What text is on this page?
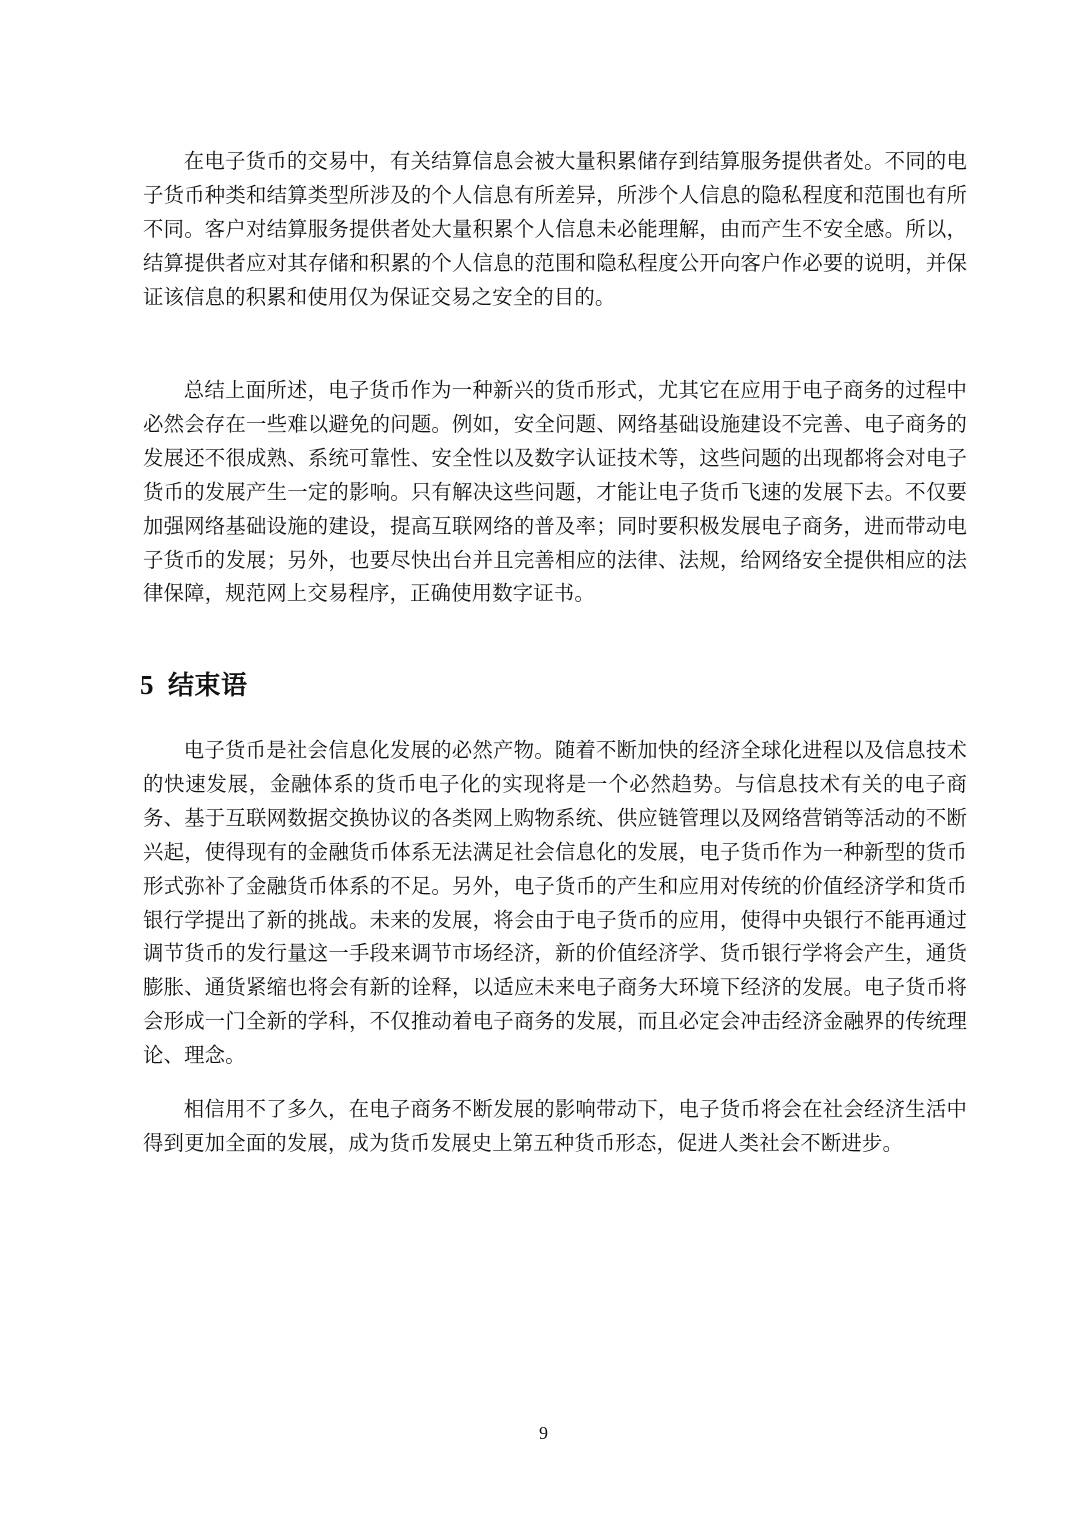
在电子货币的交易中，有关结算信息会被大量积累储存到结算服务提供者处。不同的电子货币种类和结算类型所涉及的个人信息有所差异，所涉个人信息的隐私程度和范围也有所不同。客户对结算服务提供者处大量积累个人信息未必能理解，由而产生不安全感。所以，结算提供者应对其存储和积累的个人信息的范围和隐私程度公开向客户作必要的说明，并保证该信息的积累和使用仅为保证交易之安全的目的。

总结上面所述，电子货币作为一种新兴的货币形式，尤其它在应用于电子商务的过程中必然会存在一些难以避免的问题。例如，安全问题、网络基础设施建设不完善、电子商务的发展还不很成熟、系统可靠性、安全性以及数字认证技术等，这些问题的出现都将会对电子货币的发展产生一定的影响。只有解决这些问题，才能让电子货币飞速的发展下去。不仅要加强网络基础设施的建设，提高互联网络的普及率；同时要积极发展电子商务，进而带动电子货币的发展；另外，也要尽快出台并且完善相应的法律、法规，给网络安全提供相应的法律保障，规范网上交易程序，正确使用数字证书。

5 结束语

电子货币是社会信息化发展的必然产物。随着不断加快的经济全球化进程以及信息技术的快速发展，金融体系的货币电子化的实现将是一个必然趋势。与信息技术有关的电子商务、基于互联网数据交换协议的各类网上购物系统、供应链管理以及网络营销等活动的不断兴起，使得现有的金融货币体系无法满足社会信息化的发展，电子货币作为一种新型的货币形式弥补了金融货币体系的不足。另外，电子货币的产生和应用对传统的价值经济学和货币银行学提出了新的挑战。未来的发展，将会由于电子货币的应用，使得中央银行不能再通过调节货币的发行量这一手段来调节市场经济，新的价值经济学、货币银行学将会产生，通货膨胀、通货紧缩也将会有新的诠释，以适应未来电子商务大环境下经济的发展。电子货币将会形成一门全新的学科，不仅推动着电子商务的发展，而且必定会冲击经济金融界的传统理论、理念。

相信用不了多久，在电子商务不断发展的影响带动下，电子货币将会在社会经济生活中得到更加全面的发展，成为货币发展史上第五种货币形态，促进人类社会不断进步。

9
